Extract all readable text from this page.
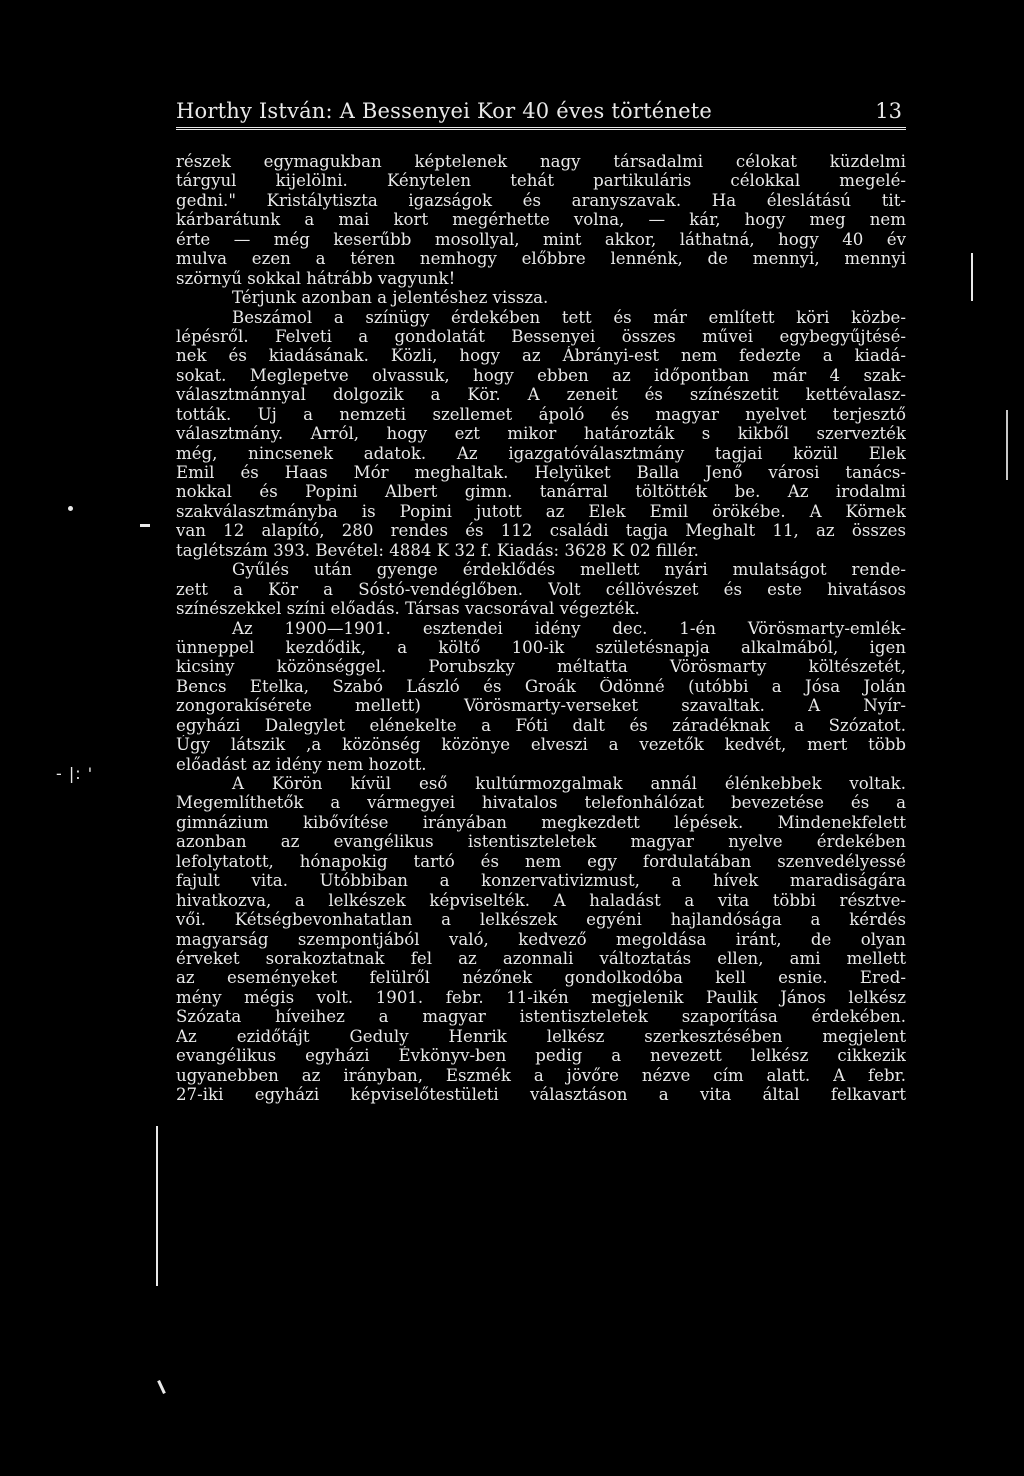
Horthy István: A Bessenyei Kor 40 éves története	13
részek egymagukban képtelenek nagy társadalmi célokat küzdelmi
tárgyul kijelölni. Kénytelen tehát partikuláris célokkal megelé-
gedni." Kristálytiszta igazságok és aranyszavak. Ha éleslátású tit-
kárbarátunk a mai kort megérhette volna, — kár, hogy meg nem
érte — még keserűbb mosollyal, mint akkor, láthatná, hogy 40 év
mulva ezen a téren nemhogy előbbre lennénk, de mennyi, mennyi
szörnyű sokkal hátrább vagyunk!
Térjunk azonban a jelentéshez vissza.
Beszámol a színügy érdekében tett és már említett köri közbe-
lépésről. Felveti a gondolatát Bessenyei összes művei egybegyűjtésé-
nek és kiadásának. Közli, hogy az Ábrányi-est nem fedezte a kiadá-
sokat. Meglepetve olvassuk, hogy ebben az időpontban már 4 szak-
választmánnyal dolgozik a Kör. A zeneit és színészetit kettévalasz-
tották. Uj a nemzeti szellemet ápoló és magyar nyelvet terjesztő
választmány. Arról, hogy ezt mikor határozták s kikből szervezték
még, nincsenek adatok. Az igazgatóválasztmány tagjai közül Elek
Emil és Haas Mór meghaltak. Helyüket Balla Jenő városi tanács-
nokkal és Popini Albert gimn. tanárral töltötték be. Az irodalmi
szakválasztmányba is Popini jutott az Elek Emil örökébe. A Körnek
van 12 alapító, 280 rendes és 112 családi tagja Meghalt 11, az összes
taglétszám 393. Bevétel: 4884 K 32 f. Kiadás: 3628 K 02 fillér.
Gyűlés után gyenge érdeklődés mellett nyári mulatságot rende-
zett a Kör a Sóstó-vendéglőben. Volt céllövészet és este hivatásos
színészekkel színi előadás. Társas vacsorával végezték.
Az 1900—1901. esztendei idény dec. 1-én Vörösmarty-emlék-
ünneppel kezdődik, a költő 100-ik születésnapja alkalmából, igen
kicsiny közönséggel. Porubszky méltatta Vörösmarty költészetét,
Bencs Etelka, Szabó László és Groák Ödönné (utóbbi a Jósa Jolán
zongorakísérete mellett) Vörösmarty-verseket szavaltak. A Nyír-
egyházi Dalegylet elénekelte a Fóti dalt és záradéknak a Szózatot.
Úgy látszik ,a közönség közönye elveszi a vezetők kedvét, mert több
előadást az idény nem hozott.
A Körön kívül eső kultúrmozgalmak annál élénkebbek voltak.
Megemlíthetők a vármegyei hivatalos telefonhálózat bevezetése és a
gimnázium kibővítése irányában megkezdett lépések. Mindenekfelett
azonban az evangélikus istentiszteletek magyar nyelve érdekében
lefolytatott, hónapokig tartó és nem egy fordulatában szenvedélyessé
fajult vita. Utóbbiban a konzervativizmust, a hívek maradiságára
hivatkozva, a lelkészek képviselték. A haladást a vita többi résztve-
vői. Kétségbevonhatatlan a lelkészek egyéni hajlandósága a kérdés
magyarság szempontjából való, kedvező megoldása iránt, de olyan
érveket sorakoztatnak fel az azonnali változtatás ellen, ami mellett
az eseményeket felülről nézőnek gondolkodóba kell esnie. Ered-
mény mégis volt. 1901. febr. 11-ikén megjelenik Paulik János lelkész
Szózata híveihez a magyar istentiszteletek szaporítása érdekében.
Az ezidőtájt Geduly Henrik lelkész szerkesztésében megjelent
evangélikus egyházi Évkönyv-ben pedig a nevezett lelkész cikkezik
ugyanebben az irányban, Eszmék a jövőre nézve cím alatt. A febr.
27-iki egyházi képviselőtestületi választáson a vita által felkavart
- |: '
